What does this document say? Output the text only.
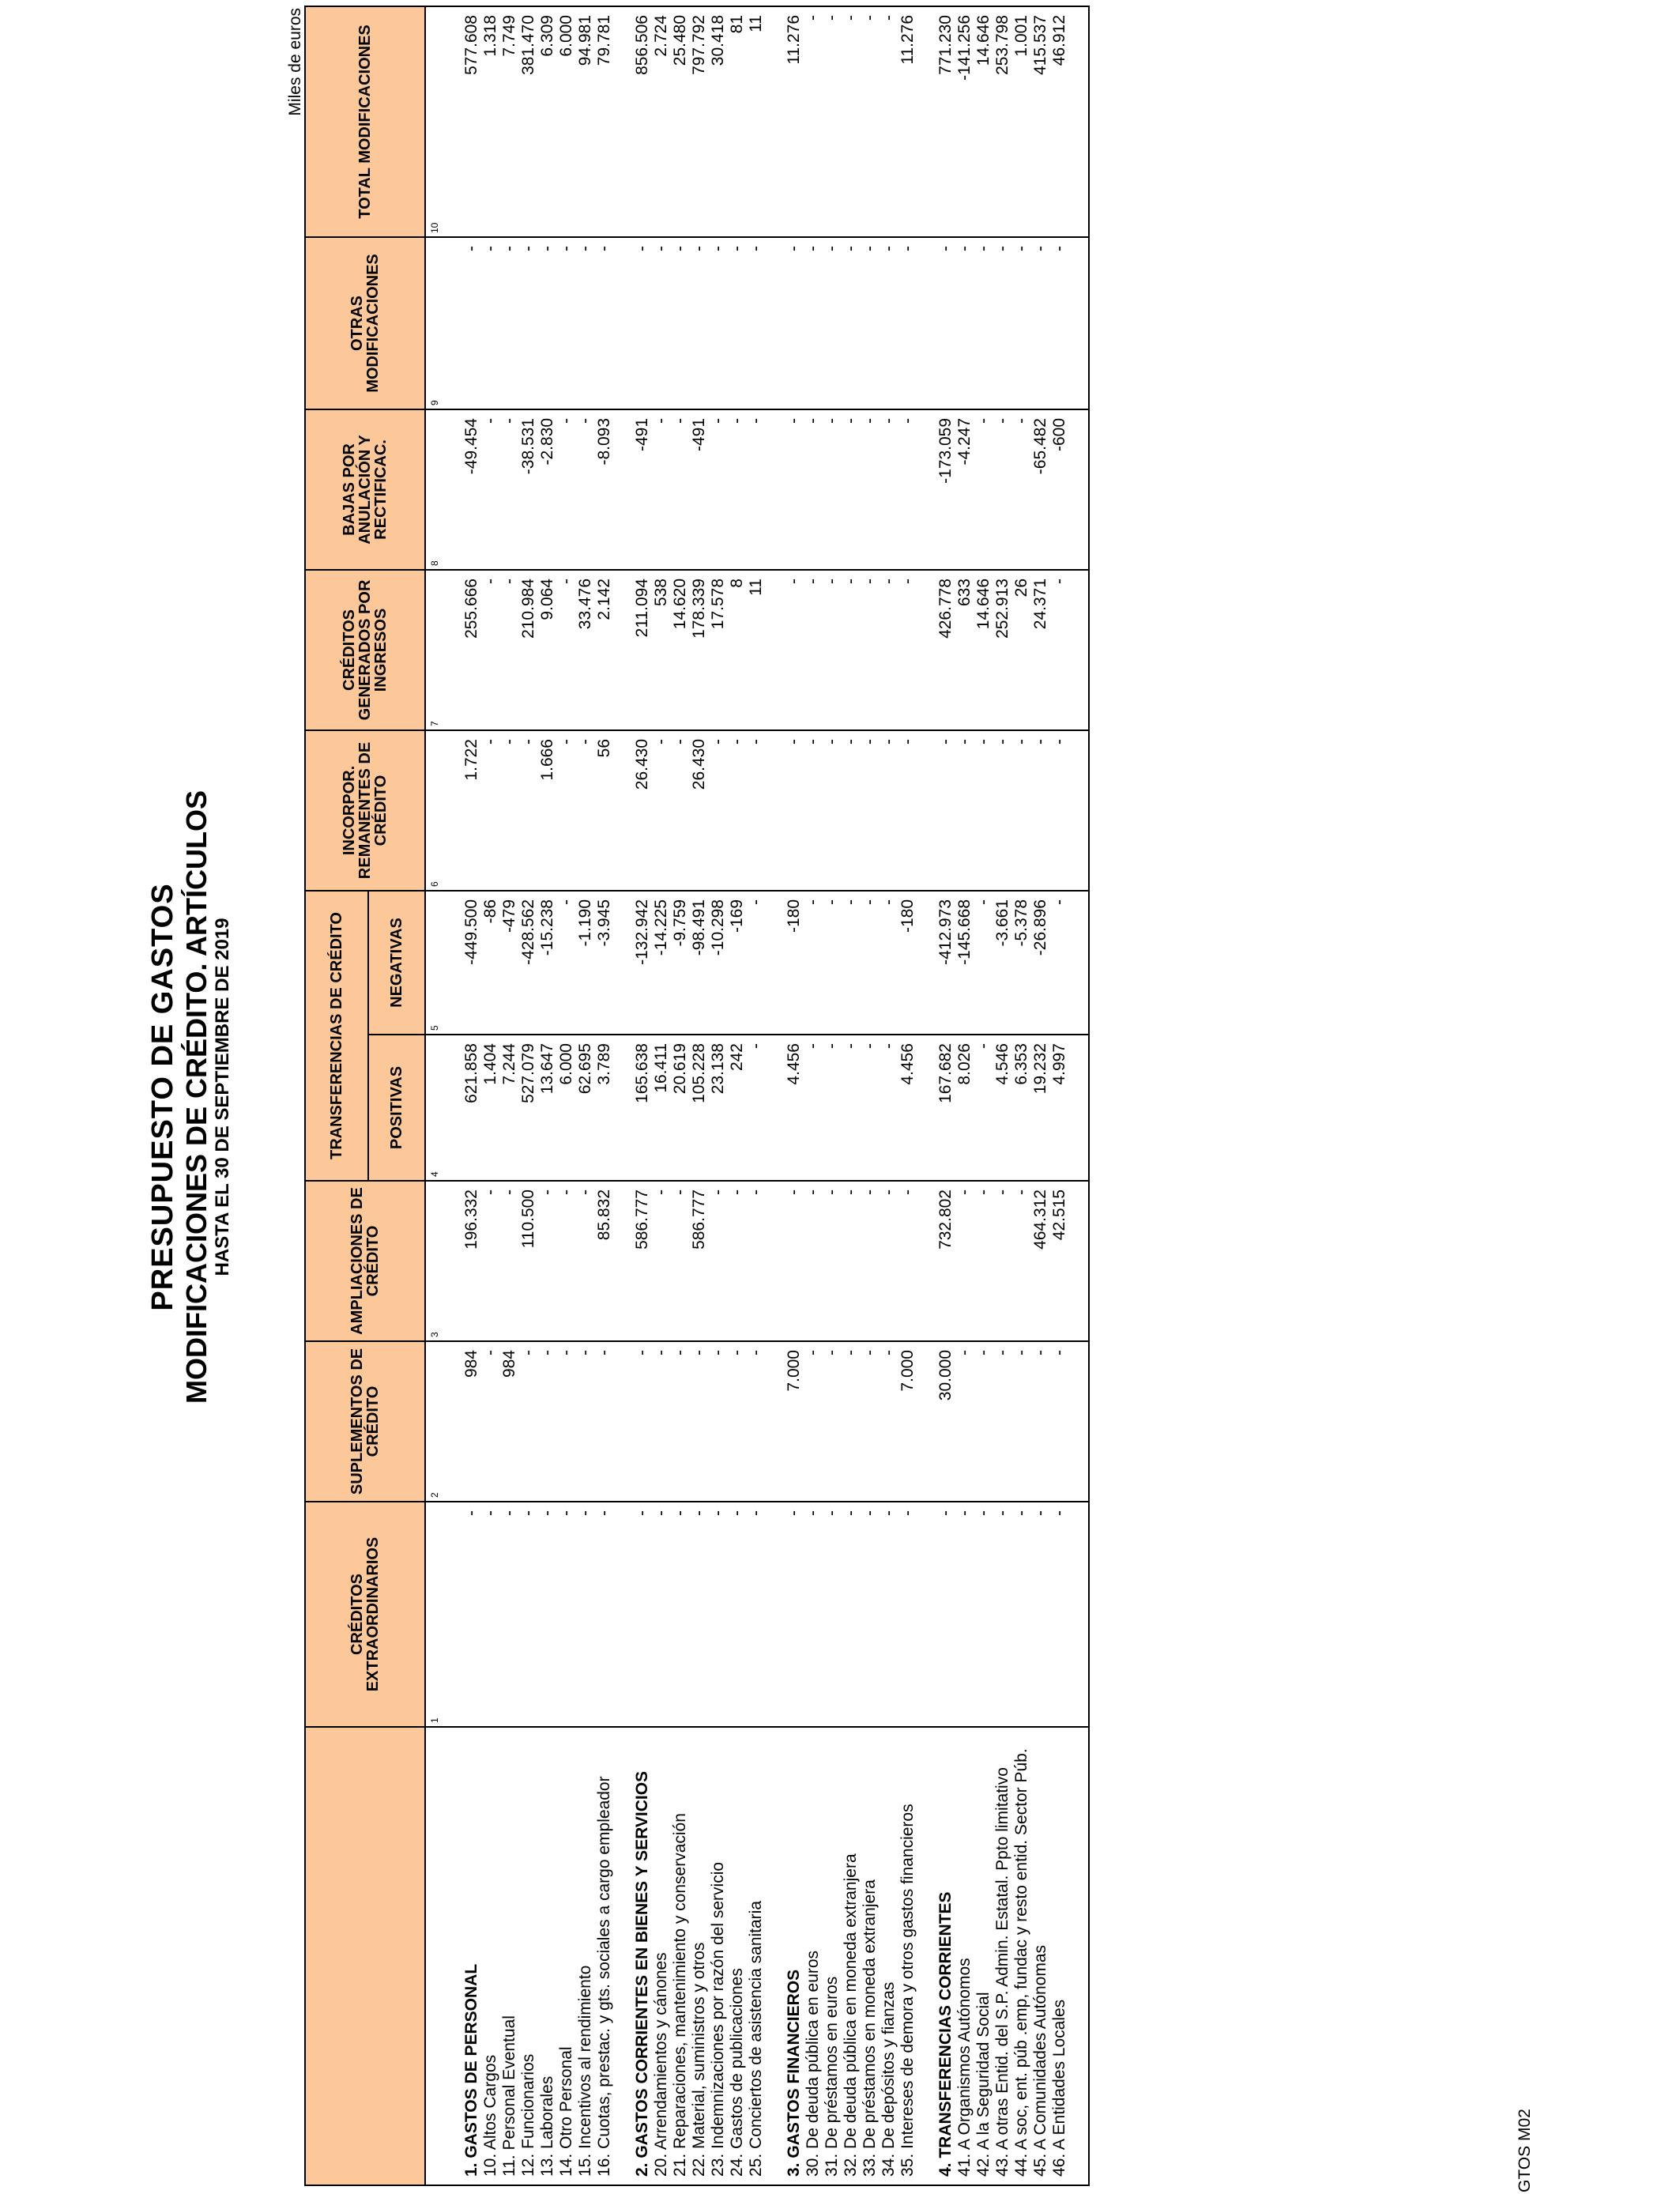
PRESUPUESTO DE GASTOS MODIFICACIONES DE CRÉDITO. ARTÍCULOS HASTA EL 30 DE SEPTIEMBRE DE 2019
Miles de euros
	CRÉDITOS EXTRAORDINARIOS	SUPLEMENTOS DE CRÉDITO	AMPLIACIONES DE CRÉDITO	TRANSFERENCIAS DE CRÉDITO		INCORPOR. REMANENTES DE CRÉDITO	CRÉDITOS GENERADOS POR INGRESOS	BAJAS POR ANULACIÓN Y RECTIFICAC.	OTRAS MODIFICACIONES	TOTAL MODIFICACIONES
				POSITIVAS	NEGATIVAS					
	1	2	3	4	5	6	7	8	9	10

1. GASTOS DE PERSONAL	-	984	196.332	621.858	-449.500	1.722	255.666	-49.454	-	577.608
10. Altos Cargos	-	-	-	1.404	-86	-	-	-	-	1.318
11. Personal Eventual	-	984	-	7.244	-479	-	-	-	-	7.749
12. Funcionarios	-	-	110.500	527.079	-428.562	-	210.984	-38.531	-	381.470
13. Laborales	-	-	-	13.647	-15.238	1.666	9.064	-2.830	-	6.309
14. Otro Personal	-	-	-	6.000	-	-	-	-	-	6.000
15. Incentivos al rendimiento	-	-	-	62.695	-1.190	-	33.476	-	-	94.981
16. Cuotas, prestac. y gts. sociales a cargo empleador	-	-	85.832	3.789	-3.945	56	2.142	-8.093	-	79.781

2. GASTOS CORRIENTES EN BIENES Y SERVICIOS	-	-	586.777	165.638	-132.942	26.430	211.094	-491	-	856.506
20. Arrendamientos y cánones	-	-	-	16.411	-14.225	-	538	-	-	2.724
21. Reparaciones, mantenimiento y conservación	-	-	-	20.619	-9.759	-	14.620	-	-	25.480
22. Material, suministros y otros	-	-	586.777	105.228	-98.491	26.430	178.339	-491	-	797.792
23. Indemnizaciones por razón del servicio	-	-	-	23.138	-10.298	-	17.578	-	-	30.418
24. Gastos de publicaciones	-	-	-	242	-169	-	8	-	-	81
25. Conciertos de asistencia sanitaria	-	-	-	-	-	-	11	-	-	11

3. GASTOS FINANCIEROS	-	7.000	-	4.456	-180	-	-	-	-	11.276
30. De deuda pública en euros	-	-	-	-	-	-	-	-	-	-
31. De préstamos en euros	-	-	-	-	-	-	-	-	-	-
32. De deuda pública en moneda extranjera	-	-	-	-	-	-	-	-	-	-
33. De préstamos en moneda extranjera	-	-	-	-	-	-	-	-	-	-
34. De depósitos y fianzas	-	-	-	-	-	-	-	-	-	-
35. Intereses de demora y otros gastos financieros	-	7.000	-	4.456	-180	-	-	-	-	11.276

4. TRANSFERENCIAS CORRIENTES	-	30.000	732.802	167.682	-412.973	-	426.778	-173.059	-	771.230
41. A Organismos Autónomos	-	-	-	8.026	-145.668	-	633	-4.247	-	-141.256
42. A la Seguridad Social	-	-	-	-	-	-	14.646	-	-	14.646
43. A otras Entid. del S.P. Admin. Estatal. Ppto limitativo	-	-	-	4.546	-3.661	-	252.913	-	-	253.798
44. A soc, ent. púb .emp, fundac y resto entid. Sector Púb.	-	-	-	6.353	-5.378	-	26	-	-	1.001
45. A Comunidades Autónomas	-	-	464.312	19.232	-26.896	-	24.371	-65.482	-	415.537
46. A Entidades Locales	-	-	42.515	4.997	-	-	-	-600	-	46.912

GTOS M02
